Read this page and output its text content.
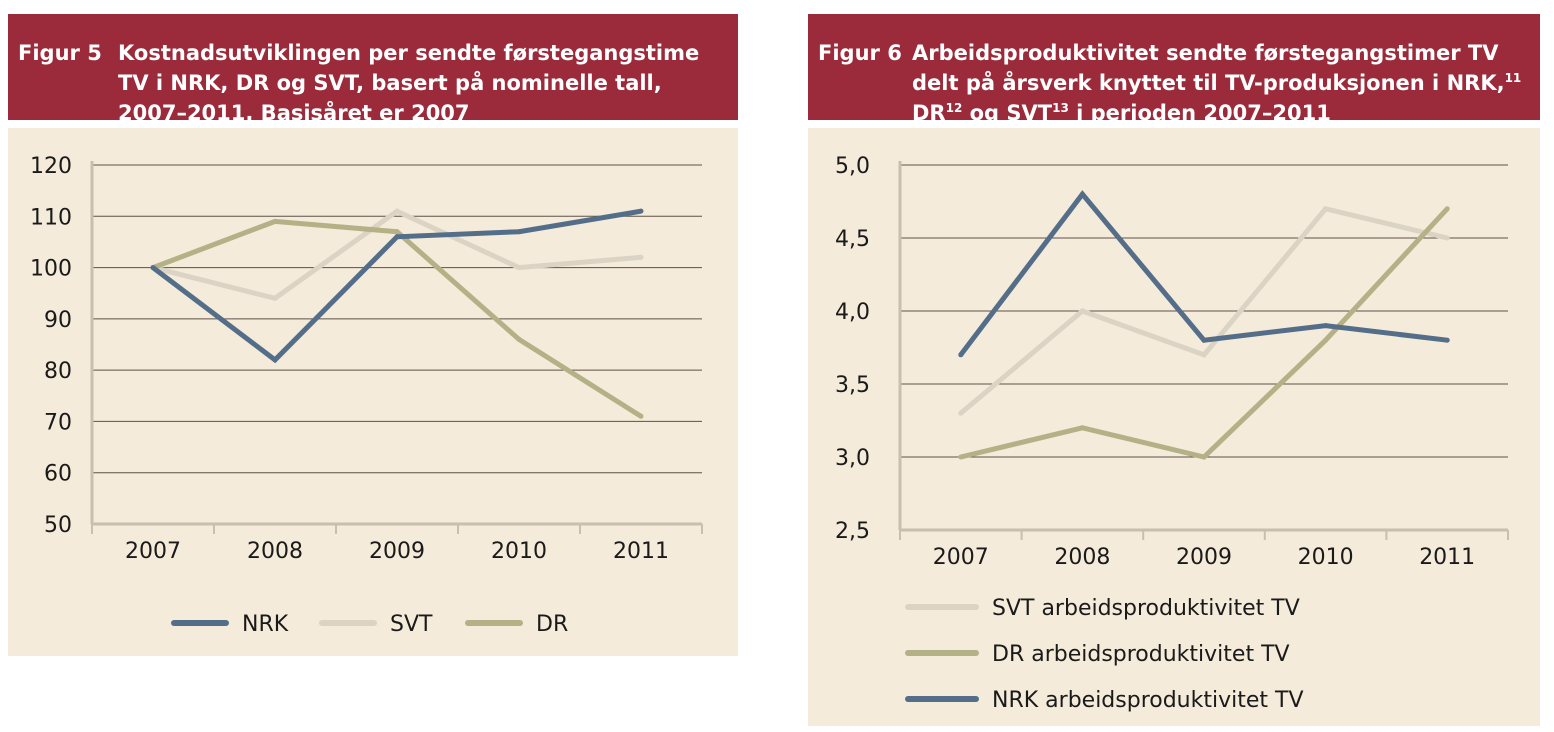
Figur 5 Kostnadsutviklingen per sendte førstegangstime
TV i NRK, DR og SVT, basert på nominelle tall,
2007–2011. Basisåret er 2007
50
60
70
80
90
100
110
120
2007	2008	2009	2010	2011
NRK	SVT	DR
Figur 6 Arbeidsproduktivitet sendte førstegangstimer TV
delt på årsverk knyttet til TV-produksjonen i NRK,$^{11}$
DR$^{12}$ og SVT$^{13}$ i perioden 2007–2011
2,5
3,0
3,5
4,0
4,5
5,0
2007	2008	2009	2010	2011
SVT arbeidsproduktivitet TV
DR arbeidsproduktivitet TV
NRK arbeidsproduktivitet TV
